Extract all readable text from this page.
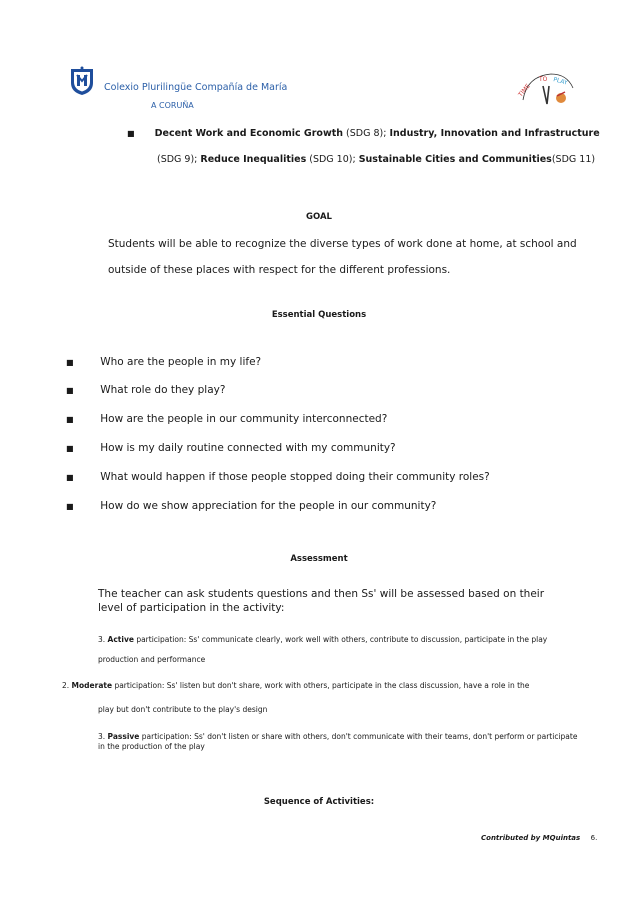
Colexio Plurilingüe Compañía de María
A CORUÑA
TIME
TO PLAY
■ Decent Work and Economic Growth (SDG 8); Industry, Innovation and Infrastructure
(SDG 9); Reduce Inequalities (SDG 10); Sustainable Cities and Communities(SDG 11)
GOAL
Students will be able to recognize the diverse types of work done at home, at school and
outside of these places with respect for the different professions.
Essential Questions
■	Who are the people in my life?
■	What role do they play?
■	How are the people in our community interconnected?
■	How is my daily routine connected with my community?
■	What would happen if those people stopped doing their community roles?
■	How do we show appreciation for the people in our community?
Assessment
The teacher can ask students questions and then Ss' will be assessed based on their level of participation in the activity:
3. Active participation: Ss' communicate clearly, work well with others, contribute to discussion, participate in the play
production and performance
2. Moderate participation: Ss' listen but don't share, work with others, participate in the class discussion, have a role in the
play but don't contribute to the play's design
3. Passive participation: Ss' don't listen or share with others, don't communicate with their teams, don't perform or participate in the production of the play
Sequence of Activities:
Contributed by MQuintas 6.
